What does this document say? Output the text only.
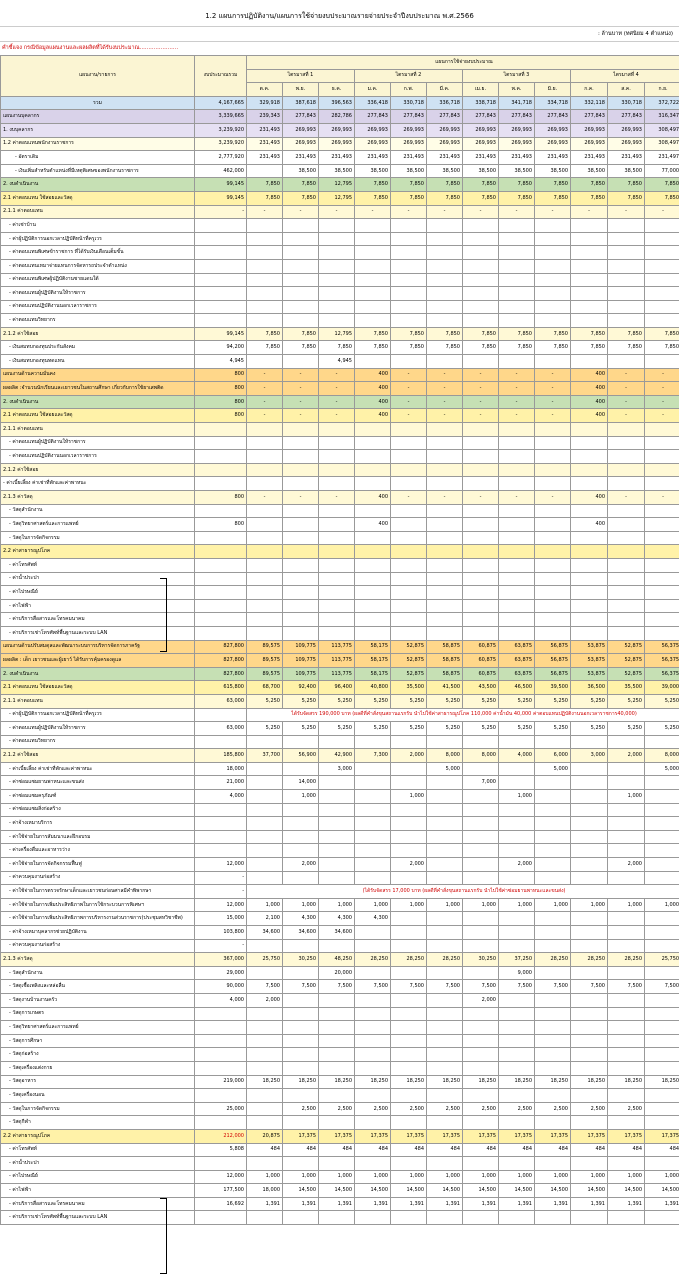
1.2 แผนการปฏิบัติงาน/แผนการใช้จ่ายงบประมาณรายจ่ายประจำปีงบประมาณ พ.ศ.2566
: ล้านบาท (ทศนิยม 4 ตำแหน่ง)
คำชี้แจง กรณีข้อมูลแผนงานและผลผลิตที่ได้รับงบประมาณ......................
แผนงาน/รายการ	งบประมาณรวม	แผนการใช้จ่ายงบประมาณ											
		ไตรมาสที่ 1			ไตรมาสที่ 2			ไตรมาสที่ 3			ไตรมาสที่ 4		
		ต.ค.	พ.ย.	ธ.ค.	ม.ค.	ก.พ.	มี.ค.	เม.ย.	พ.ค.	มิ.ย.	ก.ค.	ส.ค.	ก.ย.
รวม	4,167,665	329,918	387,618	396,563	336,418	330,718	336,718	338,718	341,718	334,718	332,118	330,718	372,722
แผนงานบุคลากร	3,339,665	239,343	277,843	282,786	277,843	277,843	277,843	277,843	277,843	277,843	277,843	277,843	316,347
1. งบบุคลากร	3,239,920	231,493	269,993	269,993	269,993	269,993	269,993	269,993	269,993	269,993	269,993	269,993	308,497
1.2 ค่าตอบแทนพนักงานราชการ	3,239,920	231,493	269,993	269,993	269,993	269,993	269,993	269,993	269,993	269,993	269,993	269,993	308,497
- อัตราเดิม	2,777,920	231,493	231,493	231,493	231,493	231,493	231,493	231,493	231,493	231,493	231,493	231,493	231,497
- เงินเพิ่มสำหรับตำแหน่งที่มีเหตุพิเศษของพนักงานราชการ	462,000		38,500	38,500	38,500	38,500	38,500	38,500	38,500	38,500	38,500	38,500	77,000
2. งบดำเนินงาน	99,145	7,850	7,850	12,795	7,850	7,850	7,850	7,850	7,850	7,850	7,850	7,850	7,850
2.1 ค่าตอบแทน ใช้สอยและวัสดุ	99,145	7,850	7,850	12,795	7,850	7,850	7,850	7,850	7,850	7,850	7,850	7,850	7,850
2.1.1 ค่าตอบแทน	-	-	-	-	-	-	-	-	-	-	-	-	-
- ค่าเช่าบ้าน													
- ค่าผู้ปฏิบัติการนอกเวลาปฏิบัติหน้าที่ครูเวร													
- ค่าตอบแทนพิเศษข้าราชการ ที่ได้รับเงินเดือนเต็มขั้น													
- ค่าตอบแทนเหมาจ่ายแทนการจัดหารถประจำตำแหน่ง													
- ค่าตอบแทนพิเศษผู้ปฏิบัติงานชายแดนใต้													
- ค่าตอบแทนผู้ปฏิบัติงานให้ราชการ													
- ค่าตอบแทนปฏิบัติงานนอกเวลาราชการ													
- ค่าตอบแทนวิทยากร													
2.1.2 ค่าใช้สอย	99,145	7,850	7,850	12,795	7,850	7,850	7,850	7,850	7,850	7,850	7,850	7,850	7,850
- เงินสมทบกองทุนประกันสังคม	94,200	7,850	7,850	7,850	7,850	7,850	7,850	7,850	7,850	7,850	7,850	7,850	7,850
- เงินสมทบกองทุนทดแทน	4,945			4,945									
แผนงานด้านความมั่นคง	800	-	-	-	400	-	-	-	-	-	400	-	-
ผลผลิต :จำนวนนักเรียนและเยาวชนในสถานศึกษา เกี่ยวกับการใช้ยาเสพติด	800	-	-	-	400	-	-	-	-	-	400	-	-
2. งบดำเนินงาน	800	-	-	-	400	-	-	-	-	-	400	-	-
2.1 ค่าตอบแทน ใช้สอยและวัสดุ	800	-	-	-	400	-	-	-	-	-	400	-	-
2.1.1 ค่าตอบแทน													
- ค่าตอบแทนผู้ปฏิบัติงานให้ราชการ													
- ค่าตอบแทนปฏิบัติงานนอกเวลาราชการ													
2.1.2 ค่าใช้สอย													
- ค่าเบี้ยเลี้ยง ค่าเช่าที่พักและค่าพาหนะ													
2.1.3 ค่าวัสดุ	800	-	-	-	400	-	-	-	-	-	400	-	-
- วัสดุสำนักงาน													
- วัสดุวิทยาศาสตร์และการแพทย์	800				400						400		
- วัสดุในการจัดกิจกรรม													
2.2 ค่าสาธารณูปโภค													
- ค่าโทรศัพท์													
- ค่าน้ำประปา													
- ค่าไปรษณีย์													
- ค่าไฟฟ้า													
- ค่าบริการสื่อสารและโทรคมนาคม													
- ค่าบริการเช่าโทรศัพท์พื้นฐานและระบบ LAN													
แผนงานด้านปรับสมดุลและพัฒนาระบบการบริหารจัดการภาครัฐ	827,800	89,575	109,775	113,775	58,175	52,875	58,875	60,875	63,875	56,875	53,875	52,875	56,375
ผลผลิต : เด็ก เยาวชนและผู้เยาว์ ได้รับการคุ้มครองดูแล	827,800	89,575	109,775	113,775	58,175	52,875	58,875	60,875	63,875	56,875	53,875	52,875	56,375
2. งบดำเนินงาน	827,800	89,575	109,775	113,775	58,175	52,875	58,875	60,875	63,875	56,875	53,875	52,875	56,375
2.1 ค่าตอบแทน ใช้สอยและวัสดุ	615,800	68,700	92,400	96,400	40,800	35,500	41,500	43,500	46,500	39,500	36,500	35,500	39,000
2.1.1 ค่าตอบแทน	63,000	5,250	5,250	5,250	5,250	5,250	5,250	5,250	5,250	5,250	5,250	5,250	5,250
- ค่าผู้ปฏิบัติการนอกเวลาปฏิบัติหน้าที่ครูเวร		ได้รับจัดสรร 190,000 บาท (ผลดีที่คำสั่งขุนสถานแรกรับ นำไปใช้ค่าสาธารณูปโภค 110,000 ค่าน้ำมัน 40,000 ค่าตอบแทนปฏิบัติงานนอกเวลาราชการ40,000)											
- ค่าตอบแทนผู้ปฏิบัติงานให้ราชการ	63,000	5,250	5,250	5,250	5,250	5,250	5,250	5,250	5,250	5,250	5,250	5,250	5,250
- ค่าตอบแทนวิทยากร													
2.1.2 ค่าใช้สอย	185,800	37,700	56,900	42,900	7,300	2,000	8,000	8,000	4,000	6,000	3,000	2,000	8,000
- ค่าเบี้ยเลี้ยง ค่าเช่าที่พักและค่าพาหนะ	18,000			3,000			5,000			5,000			5,000
- ค่าซ่อมแซมยานพาหนะและขนส่ง	21,000		14,000					7,000					
- ค่าซ่อมแซมครุภัณฑ์	4,000		1,000			1,000			1,000			1,000	
- ค่าซ่อมแซมสิ่งก่อสร้าง													
- ค่าจ้างเหมาบริการ													
- ค่าใช้จ่ายในการสัมมนาและฝึกอบรม													
- ค่าเครื่องดื่มและอาหารว่าง													
- ค่าใช้จ่ายในการจัดกิจกรรมฟื้นฟู	12,000		2,000			2,000			2,000			2,000	
- ค่าควบคุมงานก่อสร้าง	-												
- ค่าใช้จ่ายในการตรวจรักษาเด็กและเยาวชนก่อนศาลมีคำพิพากษา	-	(ได้รับจัดสรร 17,000 บาท (ผลดีที่คำสั่งขุนสถานแรกรับ นำไปใช้ค่าซ่อมยานพาหนะและขนส่ง)											
- ค่าใช้จ่ายในการเพิ่มประสิทธิภาพในการใช้กระบวนการพิเศษฯ	12,000	1,000	1,000	1,000	1,000	1,000	1,000	1,000	1,000	1,000	1,000	1,000	1,000
- ค่าใช้จ่ายในการเพิ่มประสิทธิภาพการบริหารงานส่วนราชการ(ประชุมสหวิชาชีพ)	15,000	2,100	4,300	4,300	4,300								
- ค่าจ้างเหมาบุคลากรช่วยปฏิบัติงาน	103,800	34,600	34,600	34,600									
- ค่าควบคุมงานก่อสร้าง	-												
2.1.3 ค่าวัสดุ	367,000	25,750	30,250	48,250	28,250	28,250	28,250	30,250	37,250	28,250	28,250	28,250	25,750
- วัสดุสำนักงาน	29,000			20,000					9,000				
- วัสดุเชื้อเพลิงและหล่อลื่น	90,000	7,500	7,500	7,500	7,500	7,500	7,500	7,500	7,500	7,500	7,500	7,500	7,500
- วัสดุงานบ้านงานครัว	4,000	2,000						2,000					
- วัสดุการเกษตร													
- วัสดุวิทยาศาสตร์และการแพทย์													
- วัสดุการศึกษา													
- วัสดุก่อสร้าง													
- วัสดุเครื่องแต่งกาย													
- วัสดุอาหาร	219,000	18,250	18,250	18,250	18,250	18,250	18,250	18,250	18,250	18,250	18,250	18,250	18,250
- วัสดุเครื่องนอน													
- วัสดุในการจัดกิจกรรม	25,000		2,500	2,500	2,500	2,500	2,500	2,500	2,500	2,500	2,500	2,500	
- วัสดุกีฬา													
2.2 ค่าสาธารณูปโภค	212,000	20,875	17,375	17,375	17,375	17,375	17,375	17,375	17,375	17,375	17,375	17,375	17,375
- ค่าโทรศัพท์	5,808	484	484	484	484	484	484	484	484	484	484	484	484
- ค่าน้ำประปา													
- ค่าไปรษณีย์	12,000	1,000	1,000	1,000	1,000	1,000	1,000	1,000	1,000	1,000	1,000	1,000	1,000
- ค่าไฟฟ้า	177,500	18,000	14,500	14,500	14,500	14,500	14,500	14,500	14,500	14,500	14,500	14,500	14,500
- ค่าบริการสื่อสารและโทรคมนาคม	16,692	1,391	1,391	1,391	1,391	1,391	1,391	1,391	1,391	1,391	1,391	1,391	1,391
- ค่าบริการเช่าโทรศัพท์พื้นฐานและระบบ LAN													
